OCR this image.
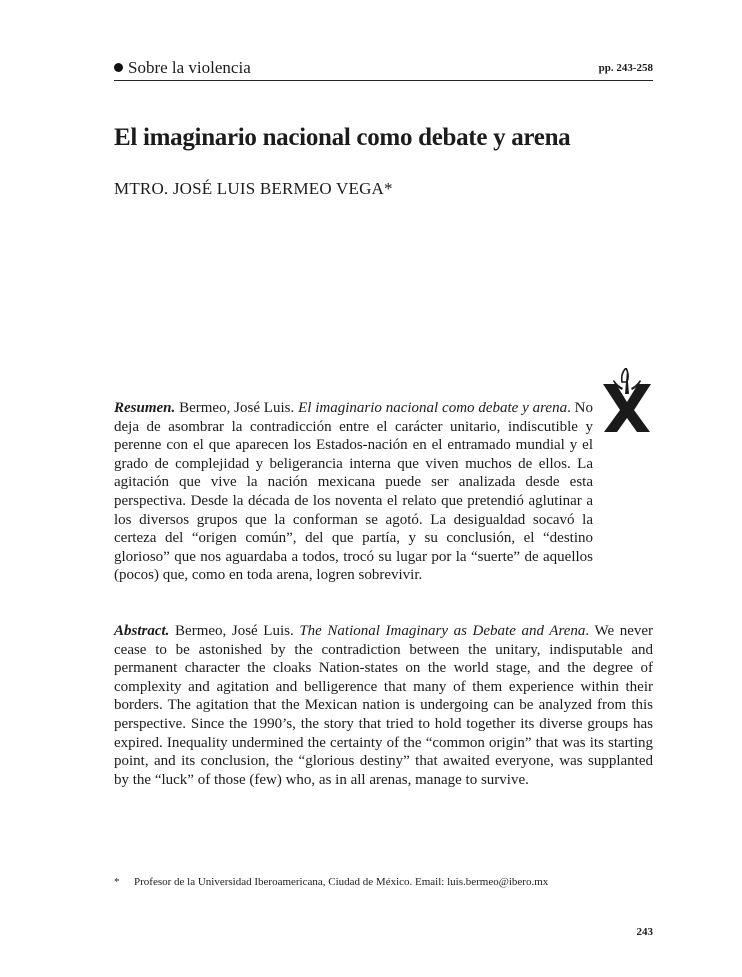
Sobre la violencia	pp. 243-258
El imaginario nacional como debate y arena
MTRO. JOSÉ LUIS BERMEO VEGA*

Resumen. Bermeo, José Luis. El imaginario nacional como debate y arena. No deja de asombrar la contradicción entre el carácter unitario, indiscutible y perenne con el que aparecen los Estados-nación en el entramado mundial y el grado de complejidad y beligerancia interna que viven muchos de ellos. La agitación que vive la nación mexicana puede ser analizada desde esta perspectiva. Desde la década de los noventa el relato que pretendió aglutinar a los diversos grupos que la conforman se agotó. La desigualdad socavó la certeza del “origen común”, del que partía, y su conclusión, el “destino glorioso” que nos aguardaba a todos, trocó su lugar por la “suerte” de aquellos (pocos) que, como en toda arena, logren sobrevivir.

Abstract. Bermeo, José Luis. The National Imaginary as Debate and Arena. We never cease to be astonished by the contradiction between the unitary, indisputable and permanent character the cloaks Nation-states on the world stage, and the degree of complexity and agitation and belligerence that many of them experience within their borders. The agitation that the Mexican nation is undergoing can be analyzed from this perspective. Since the 1990’s, the story that tried to hold together its diverse groups has expired. Inequality undermined the certainty of the “common origin” that was its starting point, and its conclusion, the “glorious destiny” that awaited everyone, was supplanted by the “luck” of those (few) who, as in all arenas, manage to survive.

* Profesor de la Universidad Iberoamericana, Ciudad de México. Email: luis.bermeo@ibero.mx
243
